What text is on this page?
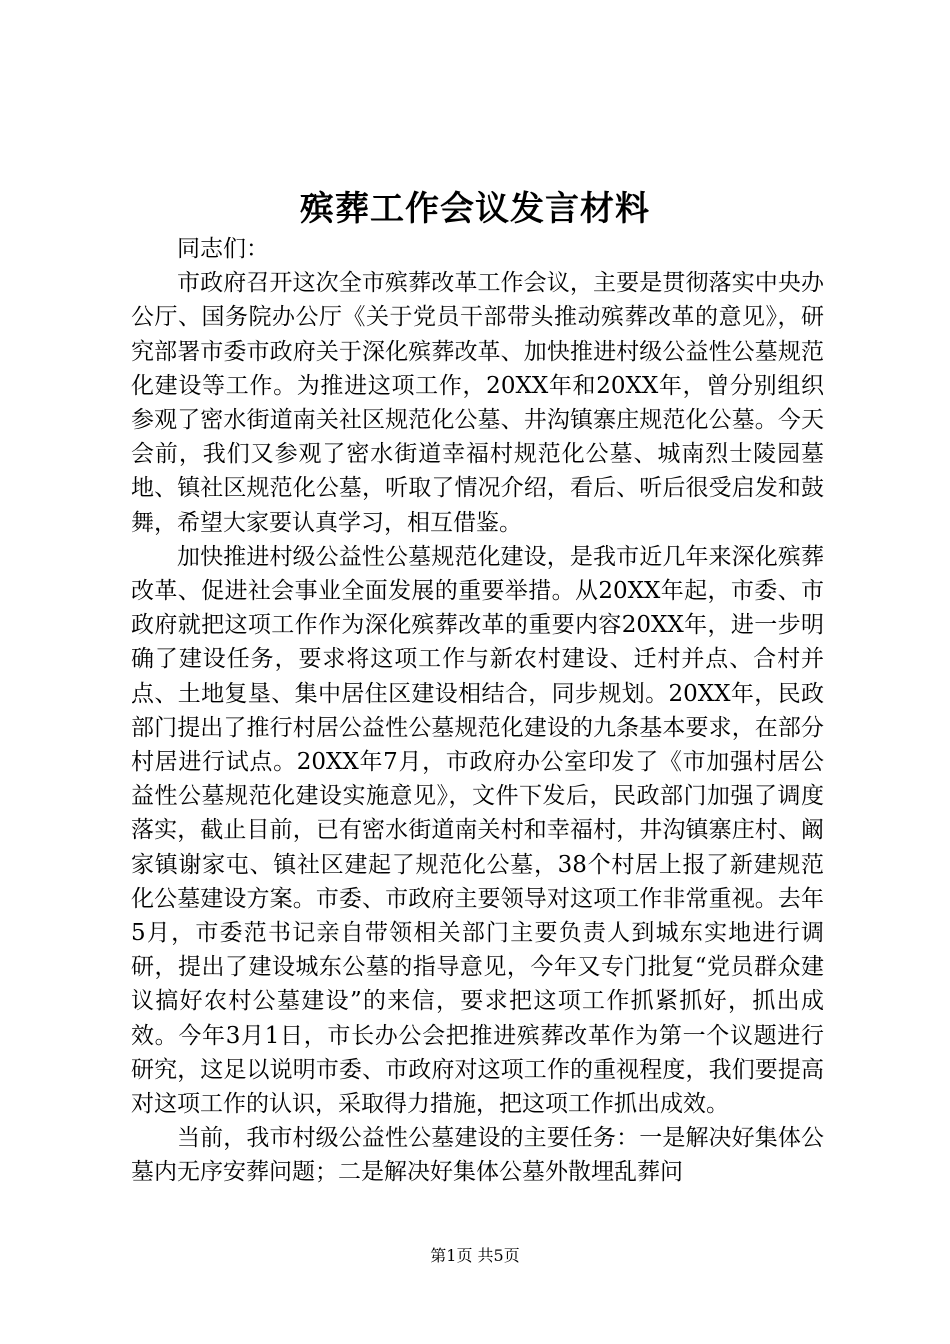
殡葬工作会议发言材料

同志们：

市政府召开这次全市殡葬改革工作会议，主要是贯彻落实中央办公厅、国务院办公厅《关于党员干部带头推动殡葬改革的意见》，研究部署市委市政府关于深化殡葬改革、加快推进村级公益性公墓规范化建设等工作。为推进这项工作，20XX年和20XX年，曾分别组织参观了密水街道南关社区规范化公墓、井沟镇寨庄规范化公墓。今天会前，我们又参观了密水街道幸福村规范化公墓、城南烈士陵园墓地、镇社区规范化公墓，听取了情况介绍，看后、听后很受启发和鼓舞，希望大家要认真学习，相互借鉴。

加快推进村级公益性公墓规范化建设，是我市近几年来深化殡葬改革、促进社会事业全面发展的重要举措。从20XX年起，市委、市政府就把这项工作作为深化殡葬改革的重要内容20XX年，进一步明确了建设任务，要求将这项工作与新农村建设、迁村并点、合村并点、土地复垦、集中居住区建设相结合，同步规划。20XX年，民政部门提出了推行村居公益性公墓规范化建设的九条基本要求，在部分村居进行试点。20XX年7月，市政府办公室印发了《市加强村居公益性公墓规范化建设实施意见》，文件下发后，民政部门加强了调度落实，截止目前，已有密水街道南关村和幸福村，井沟镇寨庄村、阚家镇谢家屯、镇社区建起了规范化公墓，38个村居上报了新建规范化公墓建设方案。市委、市政府主要领导对这项工作非常重视。去年5月，市委范书记亲自带领相关部门主要负责人到城东实地进行调研，提出了建设城东公墓的指导意见，今年又专门批复“党员群众建议搞好农村公墓建设”的来信，要求把这项工作抓紧抓好，抓出成效。今年3月1日，市长办公会把推进殡葬改革作为第一个议题进行研究，这足以说明市委、市政府对这项工作的重视程度，我们要提高对这项工作的认识，采取得力措施，把这项工作抓出成效。

当前，我市村级公益性公墓建设的主要任务：一是解决好集体公墓内无序安葬问题；二是解决好集体公墓外散埋乱葬问

第1页 共5页
